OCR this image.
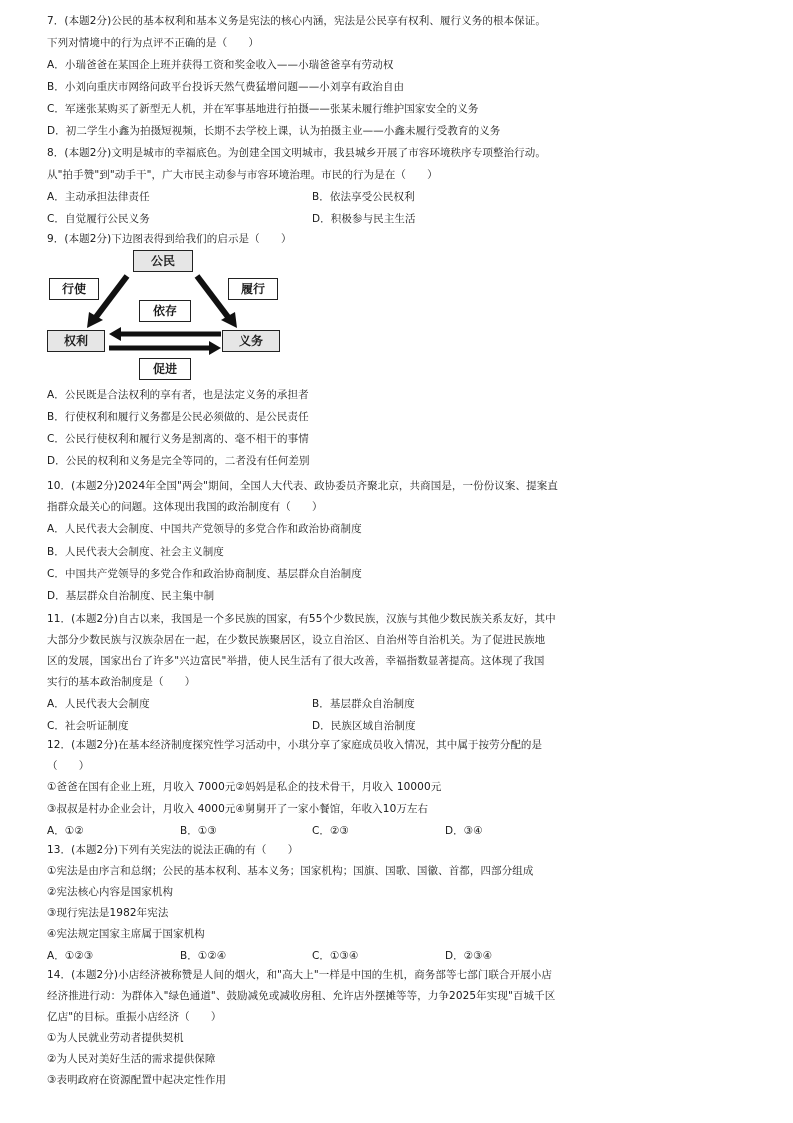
7．(本题2分)公民的基本权利和基本义务是宪法的核心内涵，宪法是公民享有权利、履行义务的根本保证。
下列对情境中的行为点评不正确的是（　　）
A．小瑞爸爸在某国企上班并获得工资和奖金收入——小瑞爸爸享有劳动权
B．小刘向重庆市网络问政平台投诉天然气费猛增问题——小刘享有政治自由
C．军迷张某购买了新型无人机，并在军事基地进行拍摄——张某未履行维护国家安全的义务
D．初二学生小鑫为拍摄短视频，长期不去学校上课，认为拍摄主业——小鑫未履行受教育的义务
8．(本题2分)文明是城市的幸福底色。为创建全国文明城市，我县城乡开展了市容环境秩序专项整治行动。
从"拍手赞"到"动手干"，广大市民主动参与市容环境治理。市民的行为是在（　　）
A．主动承担法律责任	B．依法享受公民权利
C．自觉履行公民义务	D．积极参与民主生活
9．(本题2分)下边图表得到给我们的启示是（　　）
公民
行使	履行
依存
权利	义务
促进
A．公民既是合法权利的享有者，也是法定义务的承担者
B．行使权利和履行义务都是公民必须做的、是公民责任
C．公民行使权利和履行义务是割离的、毫不相干的事情
D．公民的权利和义务是完全等同的，二者没有任何差别
10．(本题2分)2024年全国"两会"期间，全国人大代表、政协委员齐聚北京，共商国是，一份份议案、提案直
指群众最关心的问题。这体现出我国的政治制度有（　　）
A．人民代表大会制度、中国共产党领导的多党合作和政治协商制度
B．人民代表大会制度、社会主义制度
C．中国共产党领导的多党合作和政治协商制度、基层群众自治制度
D．基层群众自治制度、民主集中制
11．(本题2分)自古以来，我国是一个多民族的国家，有55个少数民族，汉族与其他少数民族关系友好，其中
大部分少数民族与汉族杂居在一起，在少数民族聚居区，设立自治区、自治州等自治机关。为了促进民族地
区的发展，国家出台了许多"兴边富民"举措，使人民生活有了很大改善，幸福指数显著提高。这体现了我国
实行的基本政治制度是（　　）
A．人民代表大会制度	B．基层群众自治制度
C．社会听证制度	D．民族区域自治制度
12．(本题2分)在基本经济制度探究性学习活动中，小琪分享了家庭成员收入情况，其中属于按劳分配的是
（　　）
①爸爸在国有企业上班，月收入 7000元②妈妈是私企的技术骨干，月收入 10000元
③叔叔是村办企业会计，月收入 4000元④舅舅开了一家小餐馆，年收入10万左右
A．①②	B．①③	C．②③	D．③④
13．(本题2分)下列有关宪法的说法正确的有（　　）
①宪法是由序言和总纲；公民的基本权利、基本义务；国家机构；国旗、国歌、国徽、首都，四部分组成
②宪法核心内容是国家机构
③现行宪法是1982年宪法
④宪法规定国家主席属于国家机构
A．①②③	B．①②④	C．①③④	D．②③④
14．(本题2分)小店经济被称赞是人间的烟火，和"高大上"一样是中国的生机，商务部等七部门联合开展小店
经济推进行动：为群体入"绿色通道"、鼓励减免或减收房租、允许店外摆摊等等，力争2025年实现"百城千区
亿店"的目标。重振小店经济（　　）
①为人民就业劳动者提供契机
②为人民对美好生活的需求提供保障
③表明政府在资源配置中起决定性作用
